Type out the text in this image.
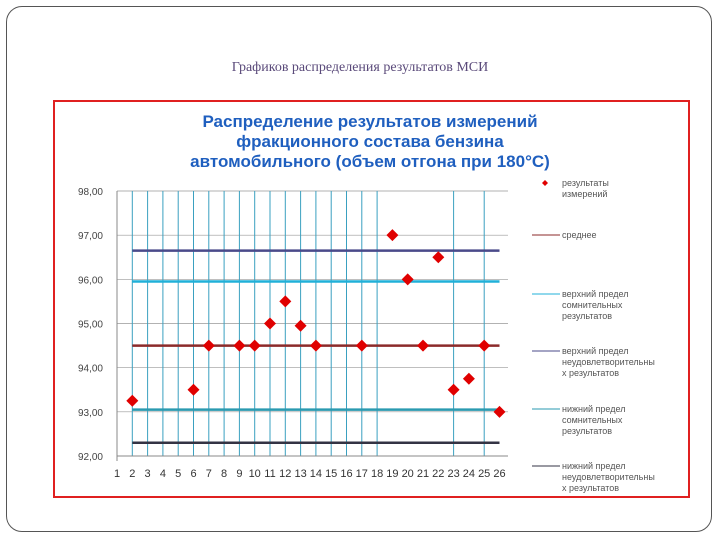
Графиков распределения результатов МСИ
Распределение результатов измерений
фракционного состава бензина
автомобильного (объем отгона при 180°С)
92,00
93,00
94,00
95,00
96,00
97,00
98,00
1 2 3 4 5 6 7 8 9 10 11 12 13 14 15 16 17 18 19 20 21 22 23 24 25 26
результаты
измерений
среднее
верхний предел
сомнительных
результатов
верхний предел
неудовлетворительны
х результатов
нижний предел
сомнительных
результатов
нижний предел
неудовлетворительны
х результатов
